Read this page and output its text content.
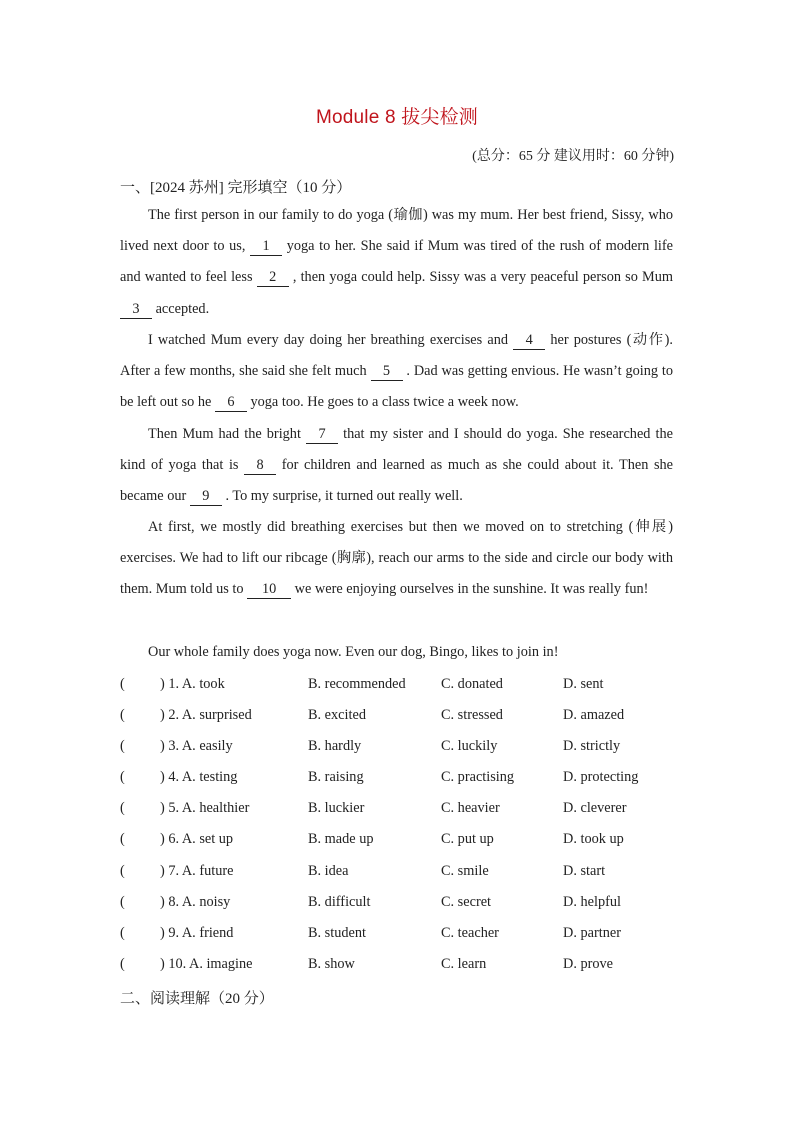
Module 8 拔尖检测
(总分：65 分 建议用时：60 分钟)
一、[2024 苏州] 完形填空（10 分）
The first person in our family to do yoga (瑜伽) was my mum. Her best friend, Sissy, who lived next door to us, 1 yoga to her. She said if Mum was tired of the rush of modern life and wanted to feel less 2 , then yoga could help. Sissy was a very peaceful person so Mum 3 accepted.
I watched Mum every day doing her breathing exercises and 4 her postures (动作). After a few months, she said she felt much 5 . Dad was getting envious. He wasn’t going to be left out so he 6 yoga too. He goes to a class twice a week now.
Then Mum had the bright 7 that my sister and I should do yoga. She researched the kind of yoga that is 8 for children and learned as much as she could about it. Then she became our 9 . To my surprise, it turned out really well.
At first, we mostly did breathing exercises but then we moved on to stretching (伸展) exercises. We had to lift our ribcage (胸廓), reach our arms to the side and circle our body with them. Mum told us to 10 we were enjoying ourselves in the sunshine. It was really fun!
Our whole family does yoga now. Even our dog, Bingo, likes to join in!
( ) 1. A. took	B. recommended C. donated	D. sent
( ) 2. A. surprised	B. excited	C. stressed	D. amazed
( ) 3. A. easily	B. hardly	C. luckily	D. strictly
( ) 4. A. testing	B. raising	C. practising	D. protecting
( ) 5. A. healthier	B. luckier	C. heavier	D. cleverer
( ) 6. A. set up	B. made up	C. put up	D. took up
( ) 7. A. future	B. idea	C. smile	D. start
( ) 8. A. noisy	B. difficult	C. secret	D. helpful
( ) 9. A. friend	B. student	C. teacher	D. partner
( ) 10. A. imagine	B. show	C. learn	D. prove
二、阅读理解（20 分）
